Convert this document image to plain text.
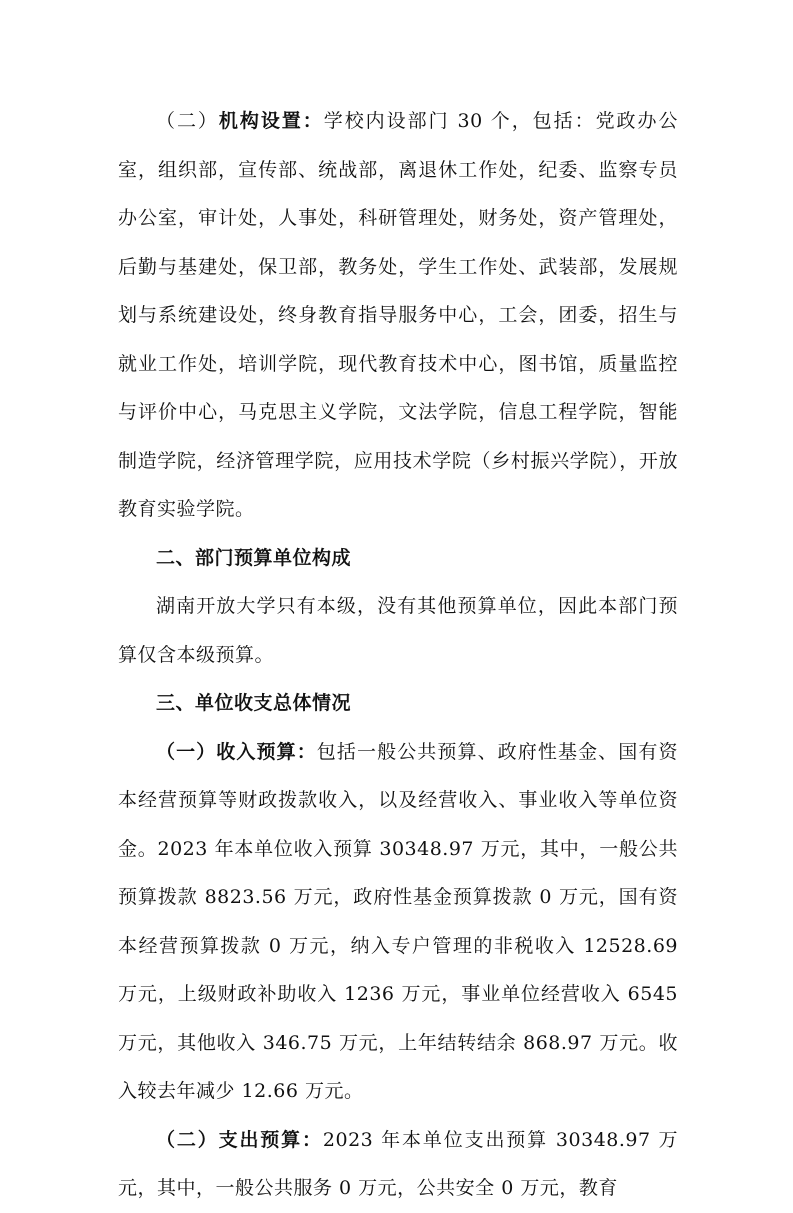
（二）机构设置：学校内设部门 30 个，包括：党政办公室，组织部，宣传部、统战部，离退休工作处，纪委、监察专员办公室，审计处，人事处，科研管理处，财务处，资产管理处，后勤与基建处，保卫部，教务处，学生工作处、武装部，发展规划与系统建设处，终身教育指导服务中心，工会，团委，招生与就业工作处，培训学院，现代教育技术中心，图书馆，质量监控与评价中心，马克思主义学院，文法学院，信息工程学院，智能制造学院，经济管理学院，应用技术学院（乡村振兴学院），开放教育实验学院。

二、部门预算单位构成

湖南开放大学只有本级，没有其他预算单位，因此本部门预算仅含本级预算。

三、单位收支总体情况

（一）收入预算：包括一般公共预算、政府性基金、国有资本经营预算等财政拨款收入，以及经营收入、事业收入等单位资金。2023 年本单位收入预算 30348.97 万元，其中，一般公共预算拨款 8823.56 万元，政府性基金预算拨款 0 万元，国有资本经营预算拨款 0 万元，纳入专户管理的非税收入 12528.69 万元，上级财政补助收入 1236 万元，事业单位经营收入 6545 万元，其他收入 346.75 万元，上年结转结余 868.97 万元。收入较去年减少 12.66 万元。

（二）支出预算：2023 年本单位支出预算 30348.97 万元，其中，一般公共服务 0 万元，公共安全 0 万元，教育
